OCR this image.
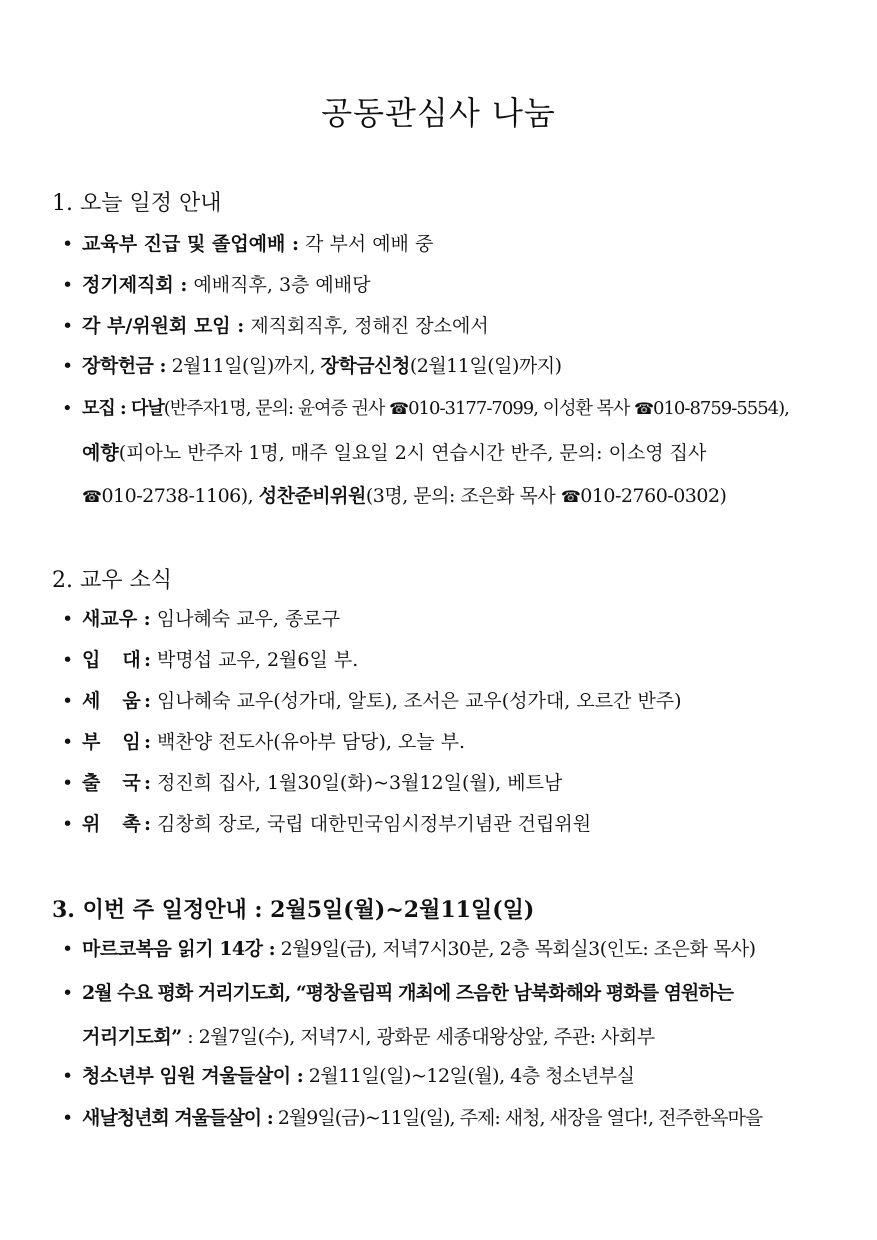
공동관심사 나눔
1. 오늘 일정 안내
• 교육부 진급 및 졸업예배 : 각 부서 예배 중
• 정기제직회 : 예배직후, 3층 예배당
• 각 부/위원회 모임 : 제직회직후, 정해진 장소에서
• 장학헌금 : 2월11일(일)까지, 장학금신청(2월11일(일)까지)
• 모집 : 다날(반주자1명, 문의: 윤여증 권사 ☎010-3177-7099, 이성환 목사 ☎010-8759-5554),
예향(피아노 반주자 1명, 매주 일요일 2시 연습시간 반주, 문의: 이소영 집사
☎010-2738-1106), 성찬준비위원(3명, 문의: 조은화 목사 ☎010-2760-0302)
2. 교우 소식
• 새교우 : 임나혜숙 교우, 종로구
• 입 대 : 박명섭 교우, 2월6일 부.
• 세 움 : 임나혜숙 교우(성가대, 알토), 조서은 교우(성가대, 오르간 반주)
• 부 임 : 백찬양 전도사(유아부 담당), 오늘 부.
• 출 국 : 정진희 집사, 1월30일(화)~3월12일(월), 베트남
• 위 촉 : 김창희 장로, 국립 대한민국임시정부기념관 건립위원
3. 이번 주 일정안내 : 2월5일(월)~2월11일(일)
• 마르코복음 읽기 14강 : 2월9일(금), 저녁7시30분, 2층 목회실3(인도: 조은화 목사)
• 2월 수요 평화 거리기도회, “평창올림픽 개최에 즈음한 남북화해와 평화를 염원하는
거리기도회” : 2월7일(수), 저녁7시, 광화문 세종대왕상앞, 주관: 사회부
• 청소년부 임원 겨울들살이 : 2월11일(일)~12일(월), 4층 청소년부실
• 새날청년회 겨울들살이 : 2월9일(금)~11일(일), 주제: 새청, 새장을 열다!, 전주한옥마을
